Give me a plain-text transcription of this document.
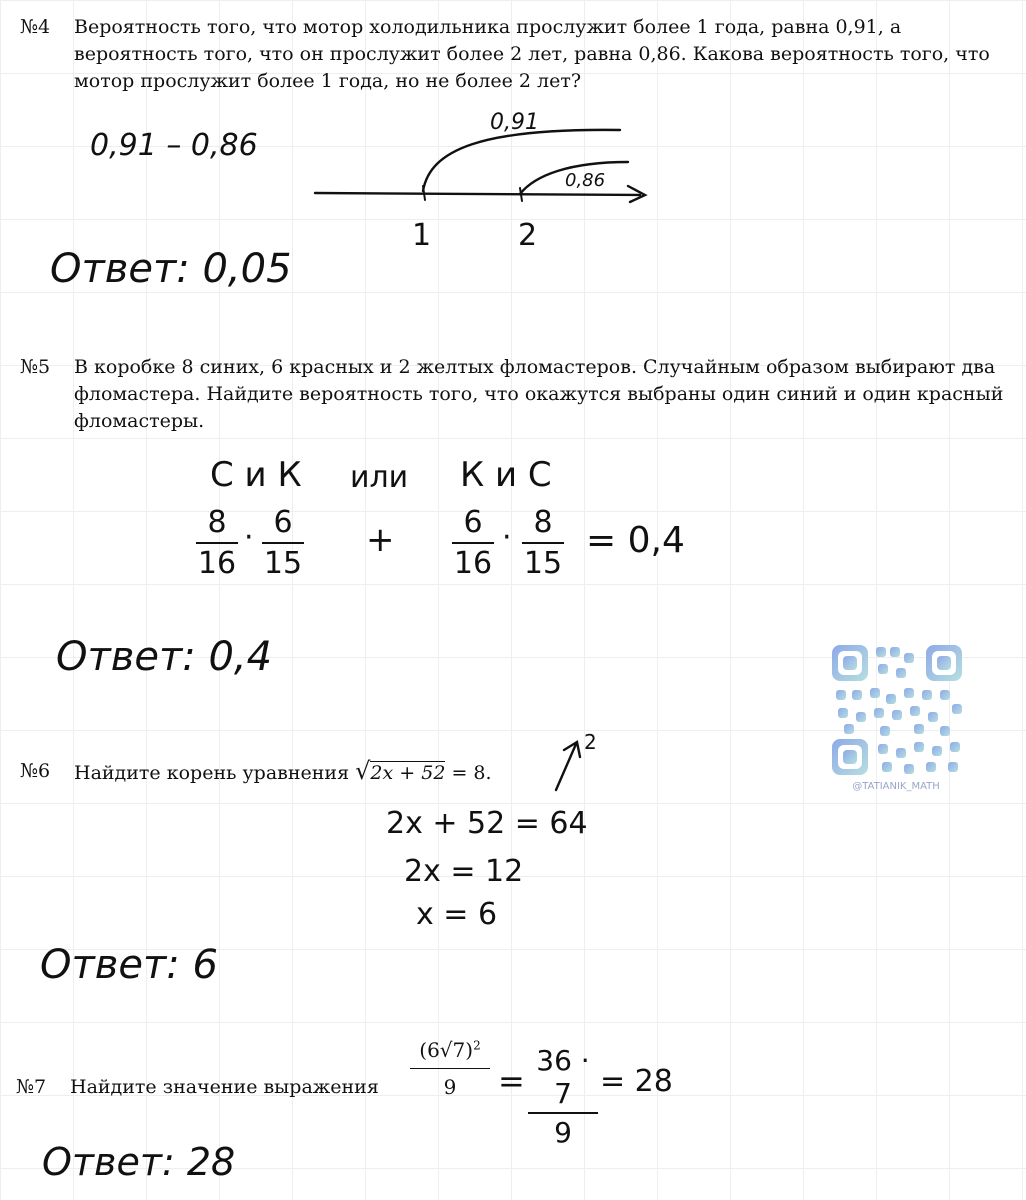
№4 Вероятность того, что мотор холодильника прослужит более 1 года, равна 0,91, а вероятность того, что он прослужит более 2 лет, равна 0,86. Какова вероятность того, что мотор прослужит более 1 года, но не более 2 лет?
0,91 – 0,86
0,91
0,86
1	2
Ответ: 0,05
№5 В коробке 8 синих, 6 красных и 2 желтых фломастеров. Случайным образом выбирают два фломастера. Найдите вероятность того, что окажутся выбраны один синий и один красный фломастеры.
С и К или К и С
8
16
· 6
15
+	6
16
· 8
15
= 0,4
Ответ: 0,4
@TATIANIK_MATH
№6 Найдите корень уравнения √2x + 52 = 8.
2
2x + 52 = 64
2x = 12
x = 6
Ответ: 6
№7 Найдите значение выражения
$(6√7)^2$
9	=
36 · 7
9
= 28
Ответ: 28
